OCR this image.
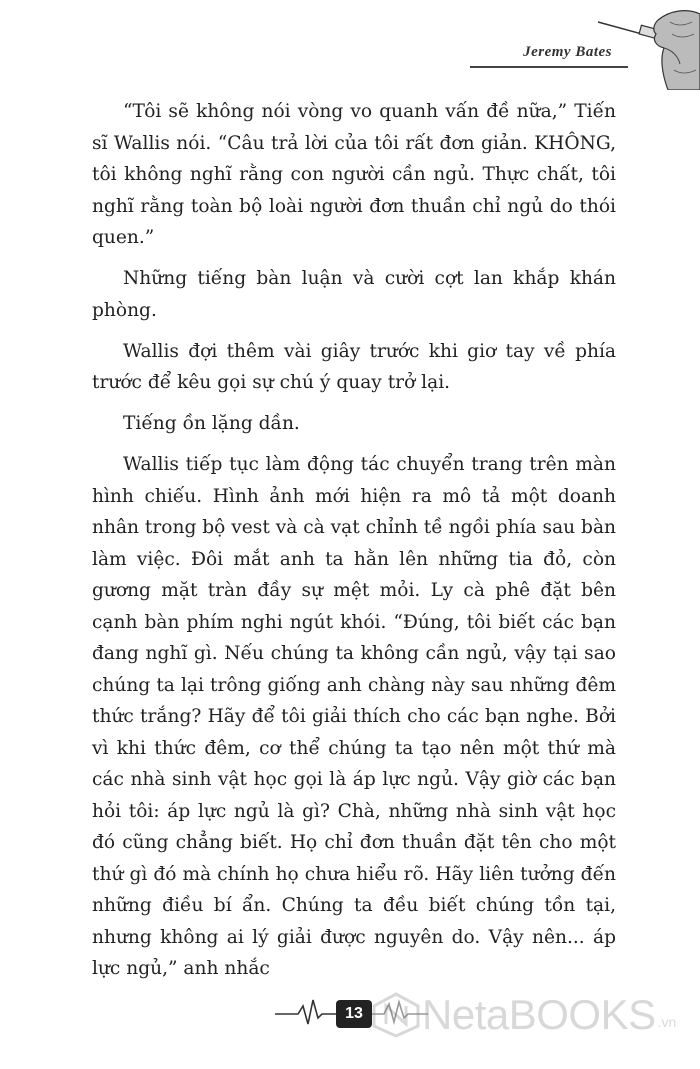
Jeremy Bates

“Tôi sẽ không nói vòng vo quanh vấn đề nữa,” Tiến sĩ Wallis nói. “Câu trả lời của tôi rất đơn giản. KHÔNG, tôi không nghĩ rằng con người cần ngủ. Thực chất, tôi nghĩ rằng toàn bộ loài người đơn thuần chỉ ngủ do thói quen.”

Những tiếng bàn luận và cười cợt lan khắp khán phòng.

Wallis đợi thêm vài giây trước khi giơ tay về phía trước để kêu gọi sự chú ý quay trở lại.

Tiếng ồn lặng dần.

Wallis tiếp tục làm động tác chuyển trang trên màn hình chiếu. Hình ảnh mới hiện ra mô tả một doanh nhân trong bộ vest và cà vạt chỉnh tề ngồi phía sau bàn làm việc. Đôi mắt anh ta hằn lên những tia đỏ, còn gương mặt tràn đầy sự mệt mỏi. Ly cà phê đặt bên cạnh bàn phím nghi ngút khói. “Đúng, tôi biết các bạn đang nghĩ gì. Nếu chúng ta không cần ngủ, vậy tại sao chúng ta lại trông giống anh chàng này sau những đêm thức trắng? Hãy để tôi giải thích cho các bạn nghe. Bởi vì khi thức đêm, cơ thể chúng ta tạo nên một thứ mà các nhà sinh vật học gọi là áp lực ngủ. Vậy giờ các bạn hỏi tôi: áp lực ngủ là gì? Chà, những nhà sinh vật học đó cũng chẳng biết. Họ chỉ đơn thuần đặt tên cho một thứ gì đó mà chính họ chưa hiểu rõ. Hãy liên tưởng đến những điều bí ẩn. Chúng ta đều biết chúng tồn tại, nhưng không ai lý giải được nguyên do. Vậy nên... áp lực ngủ,” anh nhắc

13 NetaBOOKS .vn
